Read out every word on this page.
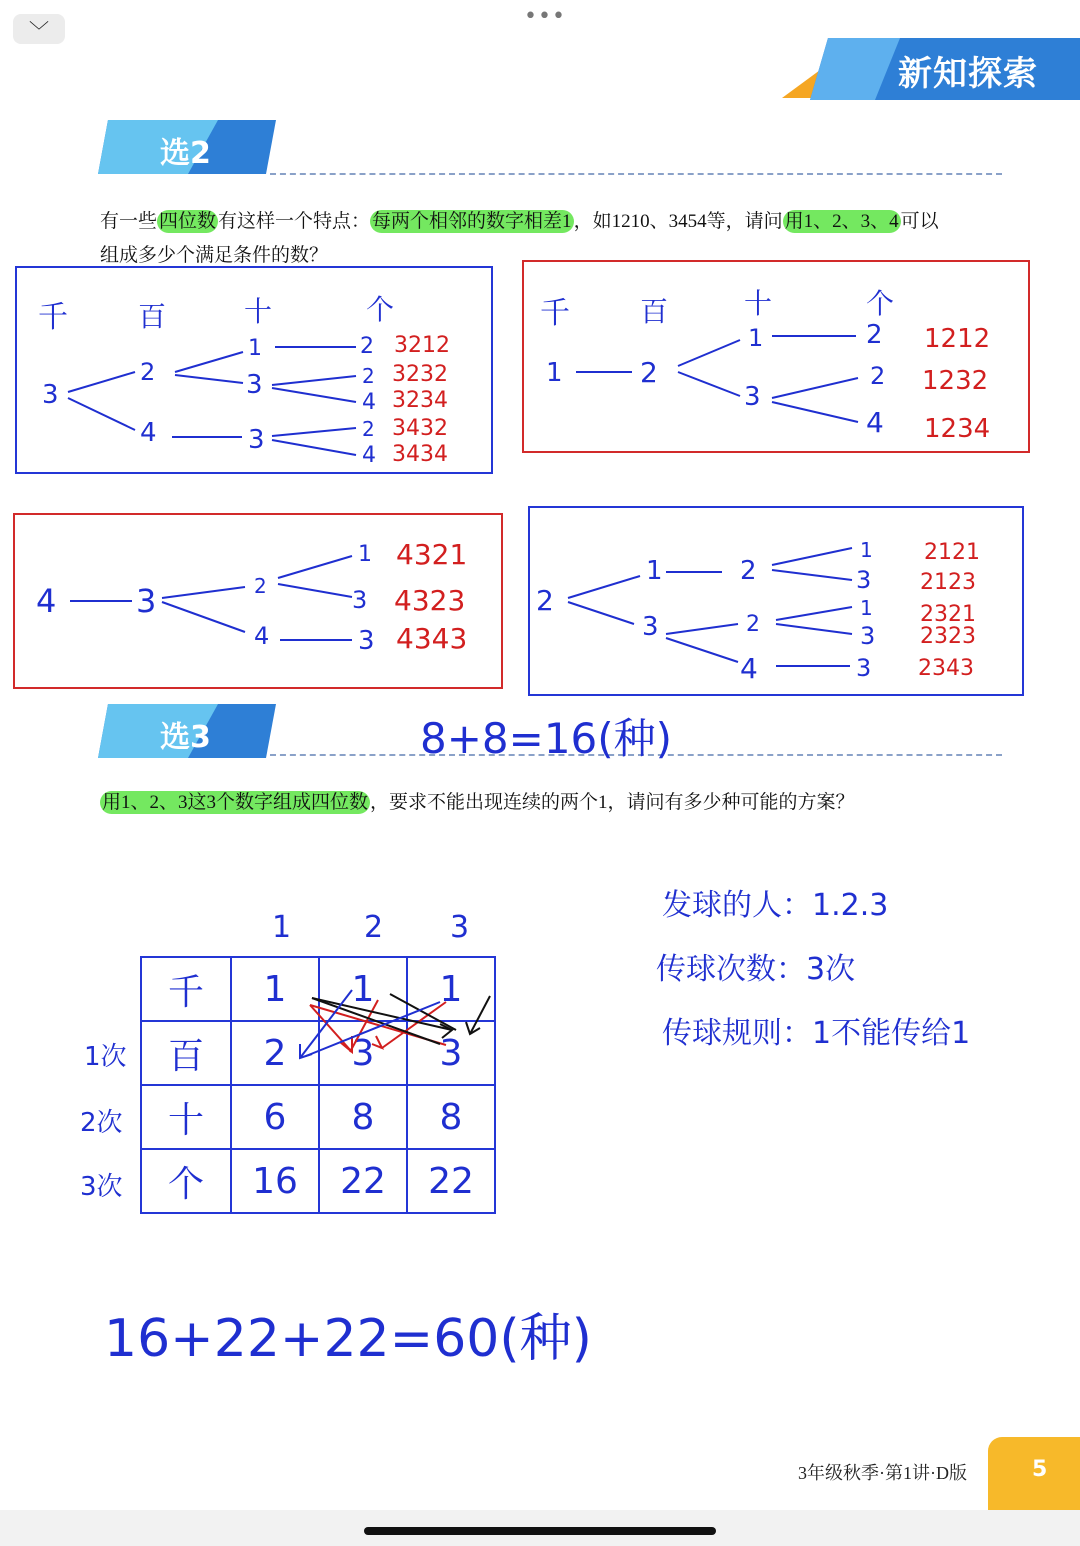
﹀
•••
新知探索
选2
有一些 四位数 有这样一个特点： 每两个相邻的数字相差1 ，如1210、3454等，请问 用1、2、3、4 可以
组成多少个满足条件的数？
千	百	十	个
3
2
4
1
3
3
2
2
4
2
4
3212
3232
3234
3432
3434
千	百	十	个
1	2
1
3
2
2
4
1212
1232
1234
4 3	2
4
1
3
3
4321
4323
4343
2
1
3
2
2
4
1
3
1
3
3
2121
2123
2321
2323
2343
选3	8+8=16(种)
用1、2、3这3个数字组成四位数 ，要求不能出现连续的两个1，请问有多少种可能的方案？
发球的人：1.2.3
传球次数：3次
传球规则：1不能传给1
1 2 3
1次
2次
3次
千	1	1	1
百	2	3	3
十	6	8	8
个	16	22	22
16+22+22=60(种)
3年级秋季·第1讲·D版	5
